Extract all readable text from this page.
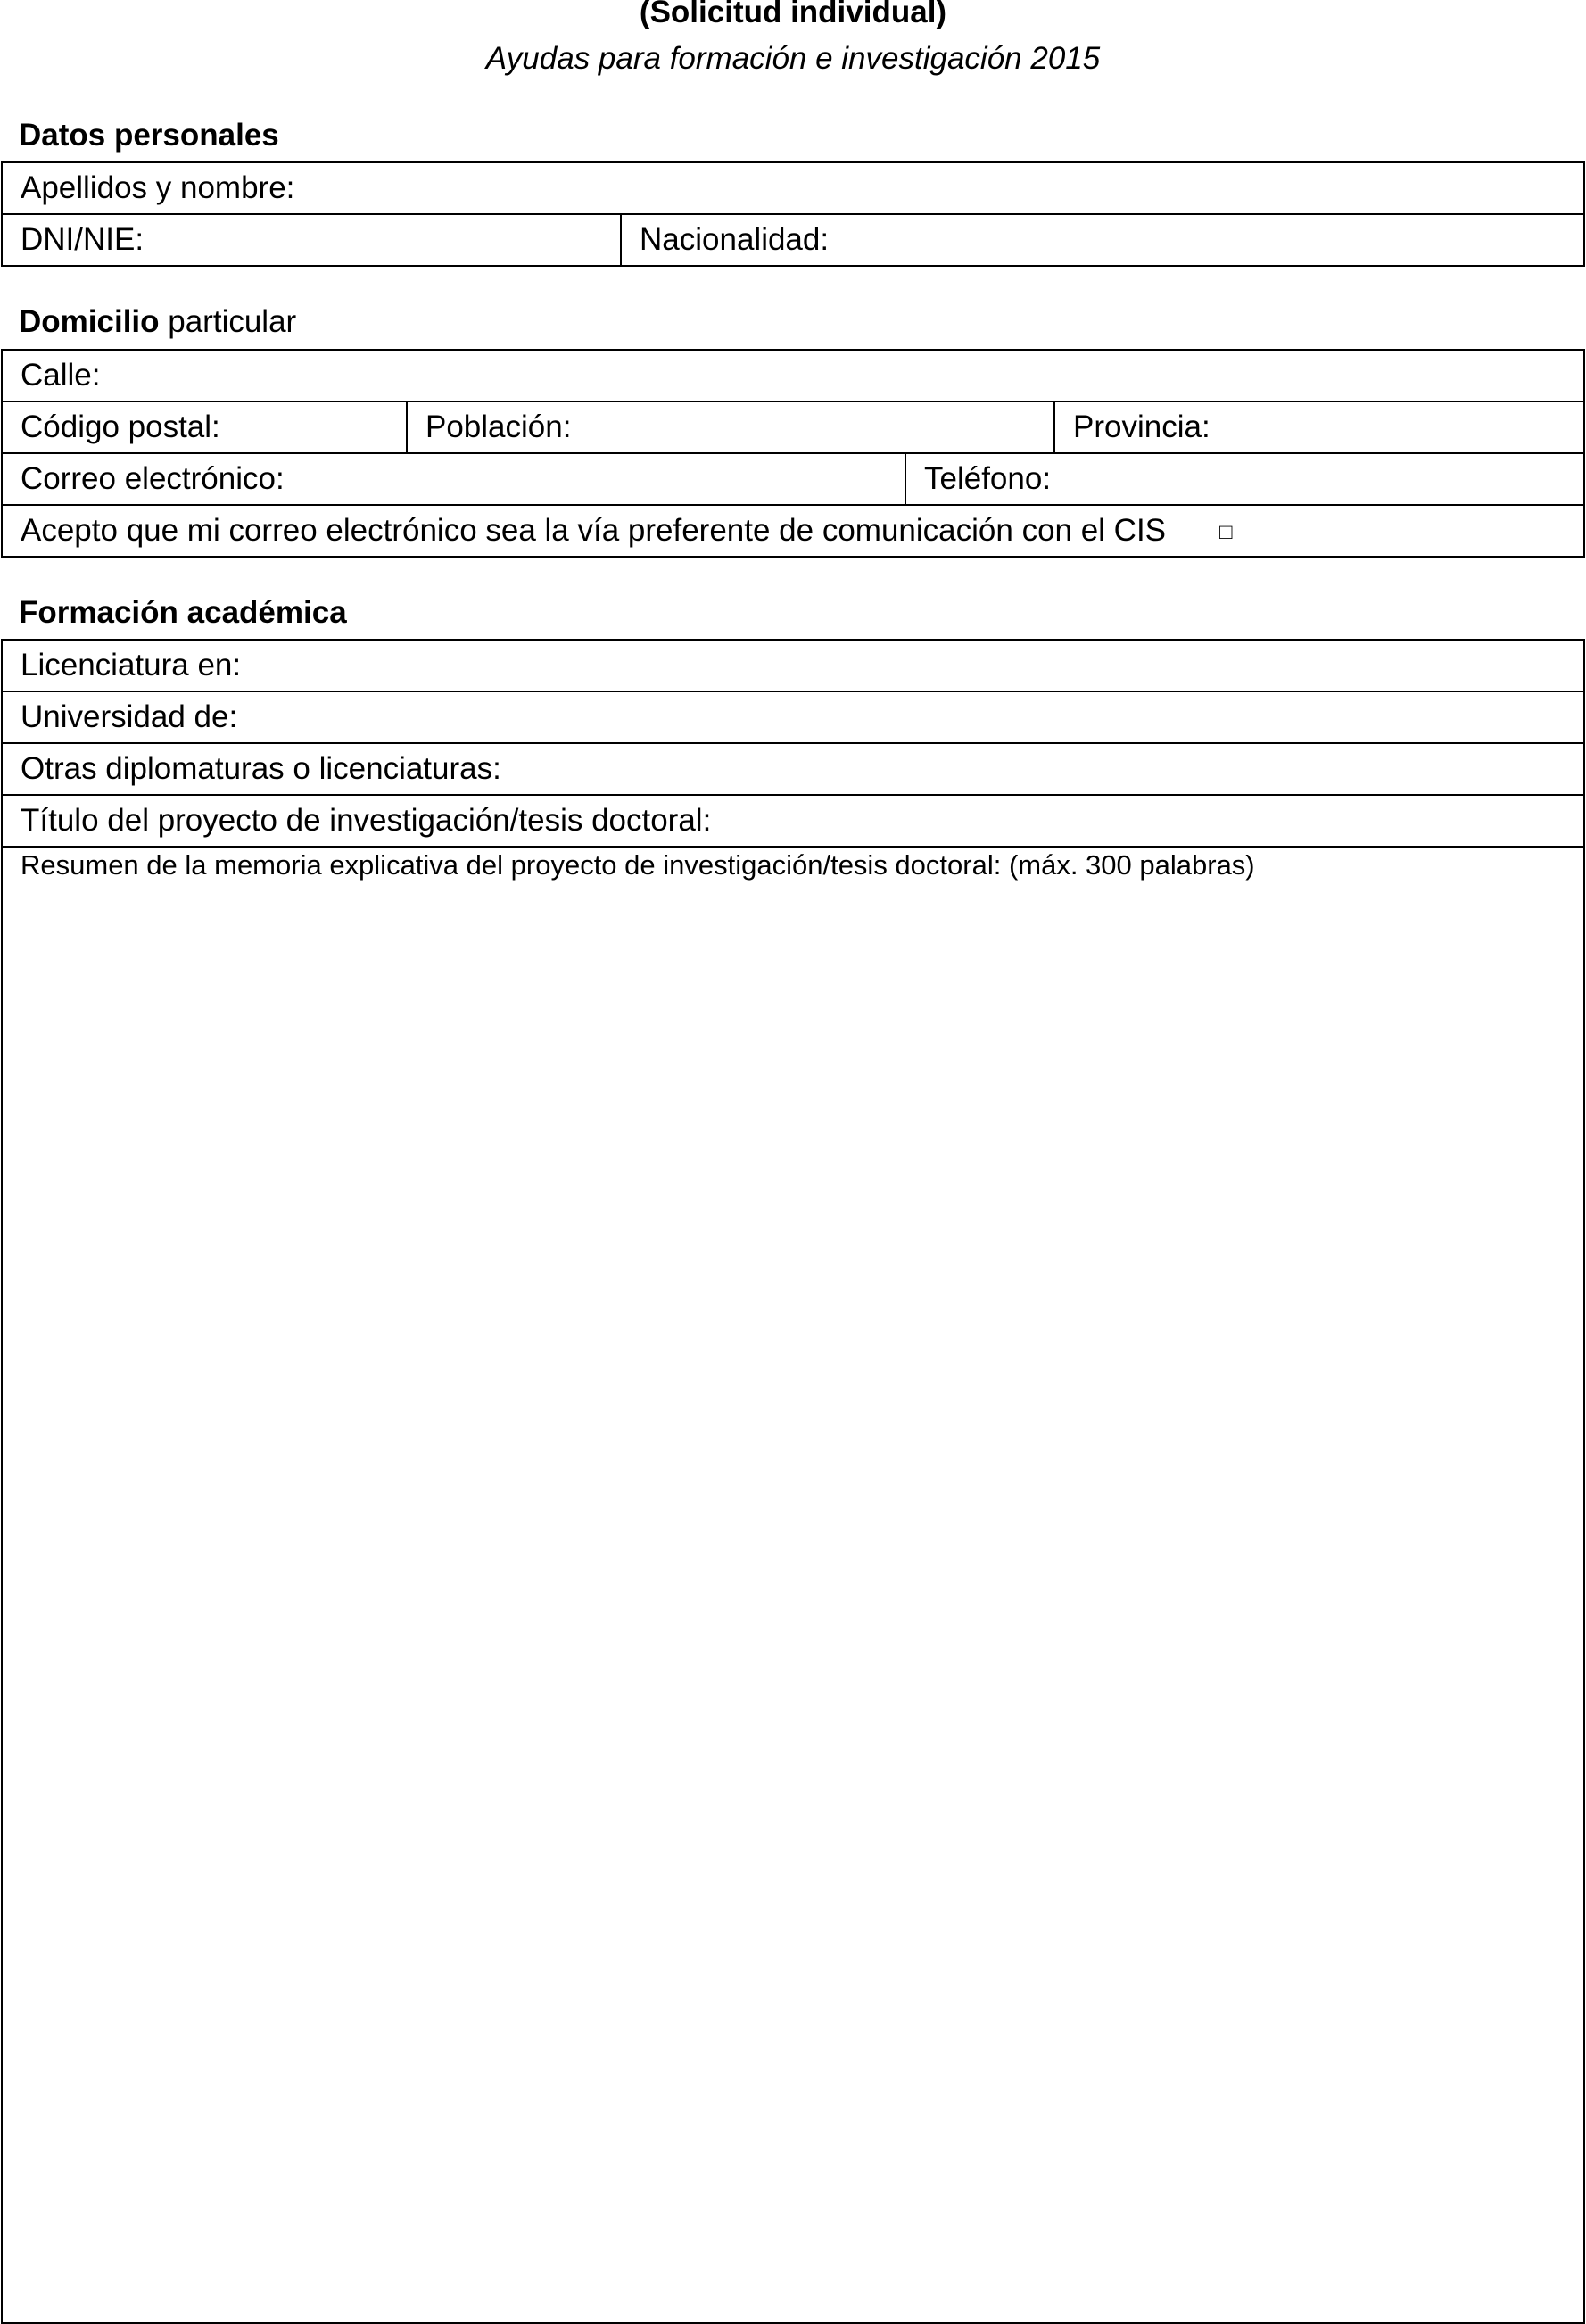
(Solicitud individual)
Ayudas para formación e investigación 2015
Datos personales
Apellidos y nombre:
DNI/NIE:	Nacionalidad:
Domicilio particular
Calle:
Código postal:	Población:	Provincia:
Correo electrónico:	Teléfono:
Acepto que mi correo electrónico sea la vía preferente de comunicación con el CIS	□
Formación académica
Licenciatura en:
Universidad de:
Otras diplomaturas o licenciaturas:
Título del proyecto de investigación/tesis doctoral:
Resumen de la memoria explicativa del proyecto de investigación/tesis doctoral: (máx. 300 palabras)
